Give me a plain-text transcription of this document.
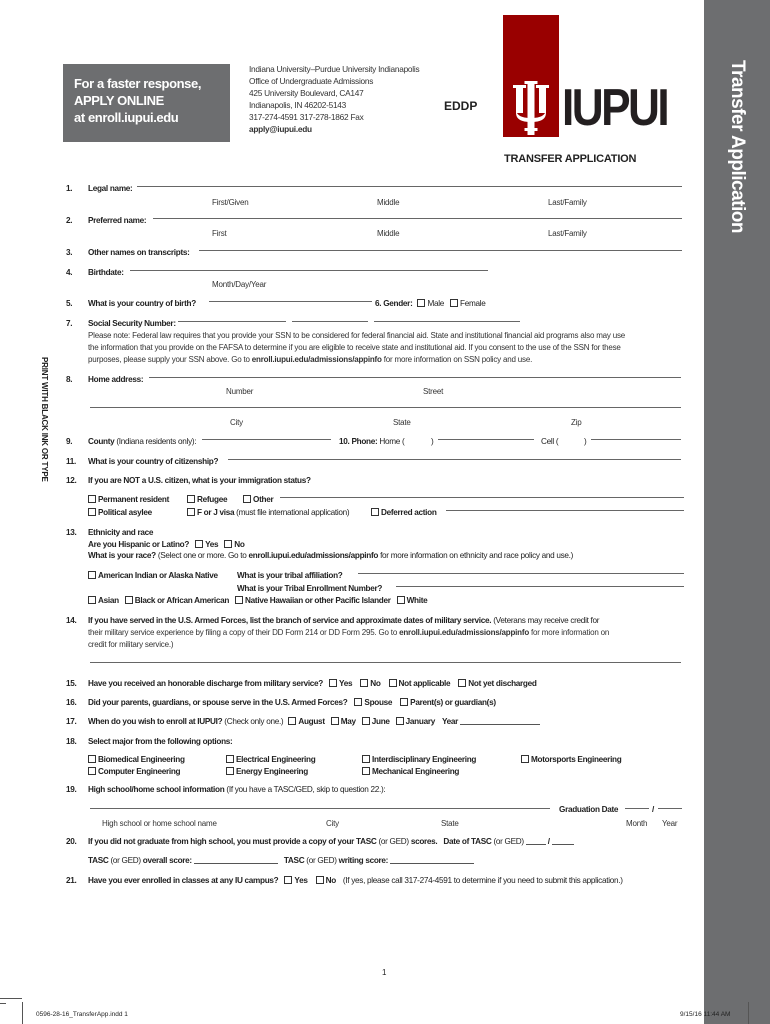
For a faster response,
APPLY ONLINE
at enroll.iupui.edu
Indiana University–Purdue University Indianapolis
Office of Undergraduate Admissions
425 University Boulevard, CA147
Indianapolis, IN 46202-5143
317-274-4591 317-278-1862 Fax
apply@iupui.edu
EDDP IUPUI
TRANSFER APPLICATION	Transfer Application
PRINT WITH BLACK INK OR TYPE
1. Legal name:
First/Given	Middle	Last/Family
2. Preferred name:
First	Middle	Last/Family
3. Other names on transcripts:
4. Birthdate:
Month/Day/Year
5. What is your country of birth?	6. Gender: Male Female
7. Social Security Number:
Please note: Federal law requires that you provide your SSN to be considered for federal financial aid. State and institutional financial aid programs also may use
the information that you provide on the FAFSA to determine if you are eligible to receive state and institutional aid. If you consent to the use of the SSN for these
purposes, please supply your SSN above. Go to enroll.iupui.edu/admissions/appinfo for more information on SSN policy and use.
8. Home address:
Number	Street
City	State	Zip
9. County (Indiana residents only):	10. Phone: Home (	)	Cell (	)
11. What is your country of citizenship?
12. If you are NOT a U.S. citizen, what is your immigration status?
Permanent resident	Refugee	Other
Political asylee	F or J visa (must file international application)	Deferred action
13. Ethnicity and race
Are you Hispanic or Latino? Yes No
What is your race? (Select one or more. Go to enroll.iupui.edu/admissions/appinfo for more information on ethnicity and race policy and use.)
American Indian or Alaska Native What is your tribal affiliation?
What is your Tribal Enrollment Number?
Asian Black or African American Native Hawaiian or other Pacific Islander White
14. If you have served in the U.S. Armed Forces, list the branch of service and approximate dates of military service. (Veterans may receive credit for
their military service experience by filing a copy of their DD Form 214 or DD Form 295. Go to enroll.iupui.edu/admissions/appinfo for more information on
credit for military service.)
15. Have you received an honorable discharge from military service? Yes No Not applicable Not yet discharged
16. Did your parents, guardians, or spouse serve in the U.S. Armed Forces? Spouse Parent(s) or guardian(s)
17. When do you wish to enroll at IUPUI? (Check only one.) August May June January Year
18. Select major from the following options:
Biomedical Engineering	Electrical Engineering	Interdisciplinary Engineering	Motorsports Engineering
Computer Engineering	Energy Engineering	Mechanical Engineering
19. High school/home school information (If you have a TASC/GED, skip to question 22.):
Graduation Date	/
High school or home school name	City	State	Month Year
20. If you did not graduate from high school, you must provide a copy of your TASC (or GED) scores. Date of TASC (or GED)	/
TASC (or GED) overall score:	TASC (or GED) writing score:
21. Have you ever enrolled in classes at any IU campus? Yes No (If yes, please call 317-274-4591 to determine if you need to submit this application.)
1
0596-28-16_TransferApp.indd 1	9/15/16 11:44 AM
